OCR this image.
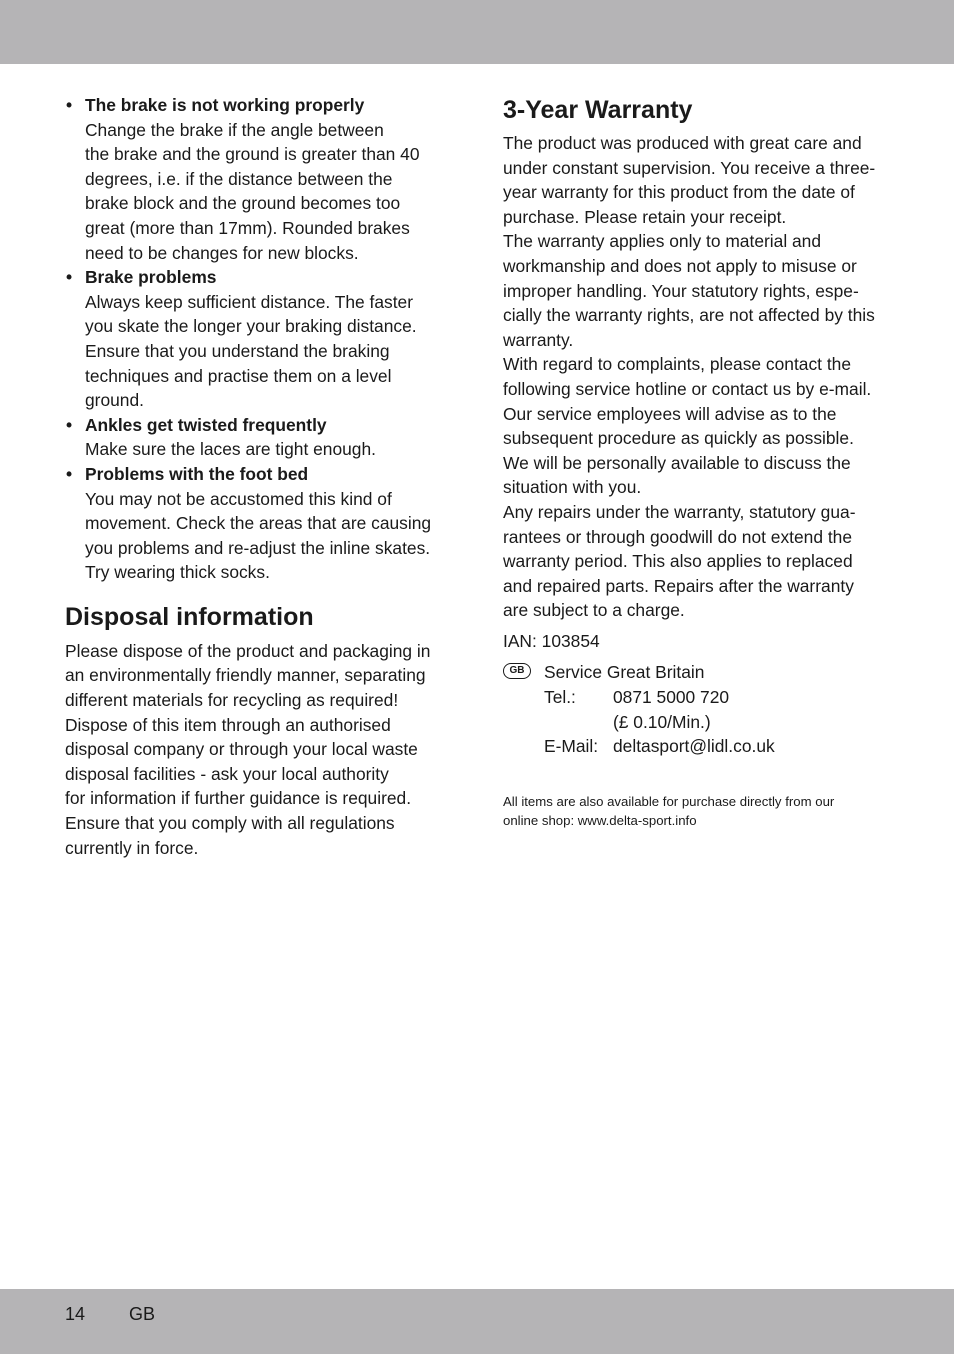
• The brake is not working properly
Change the brake if the angle between
the brake and the ground is greater than 40
degrees, i.e. if the distance between the
brake block and the ground becomes too
great (more than 17mm). Rounded brakes
need to be changes for new blocks.
• Brake problems
Always keep sufficient distance. The faster
you skate the longer your braking distance.
Ensure that you understand the braking
techniques and practise them on a level
ground.
• Ankles get twisted frequently
Make sure the laces are tight enough.
• Problems with the foot bed
You may not be accustomed this kind of
movement. Check the areas that are causing
you problems and re-adjust the inline skates.
Try wearing thick socks.
Disposal information
Please dispose of the product and packaging in
an environmentally friendly manner, separating
different materials for recycling as required!
Dispose of this item through an authorised
disposal company or through your local waste
disposal facilities - ask your local authority
for information if further guidance is required.
Ensure that you comply with all regulations
currently in force.
3-Year Warranty
The product was produced with great care and
under constant supervision. You receive a three-
year warranty for this product from the date of
purchase. Please retain your receipt.
The warranty applies only to material and
workmanship and does not apply to misuse or
improper handling. Your statutory rights, espe-
cially the warranty rights, are not affected by this
warranty.
With regard to complaints, please contact the
following service hotline or contact us by e-mail.
Our service employees will advise as to the
subsequent procedure as quickly as possible.
We will be personally available to discuss the
situation with you.
Any repairs under the warranty, statutory gua-
rantees or through goodwill do not extend the
warranty period. This also applies to replaced
and repaired parts. Repairs after the warranty
are subject to a charge.
IAN: 103854
GB	Service Great Britain
Tel.: 0871 5000 720
(£ 0.10/Min.)
E-Mail: deltasport@lidl.co.uk
All items are also available for purchase directly from our
online shop: www.delta-sport.info
14 GB
